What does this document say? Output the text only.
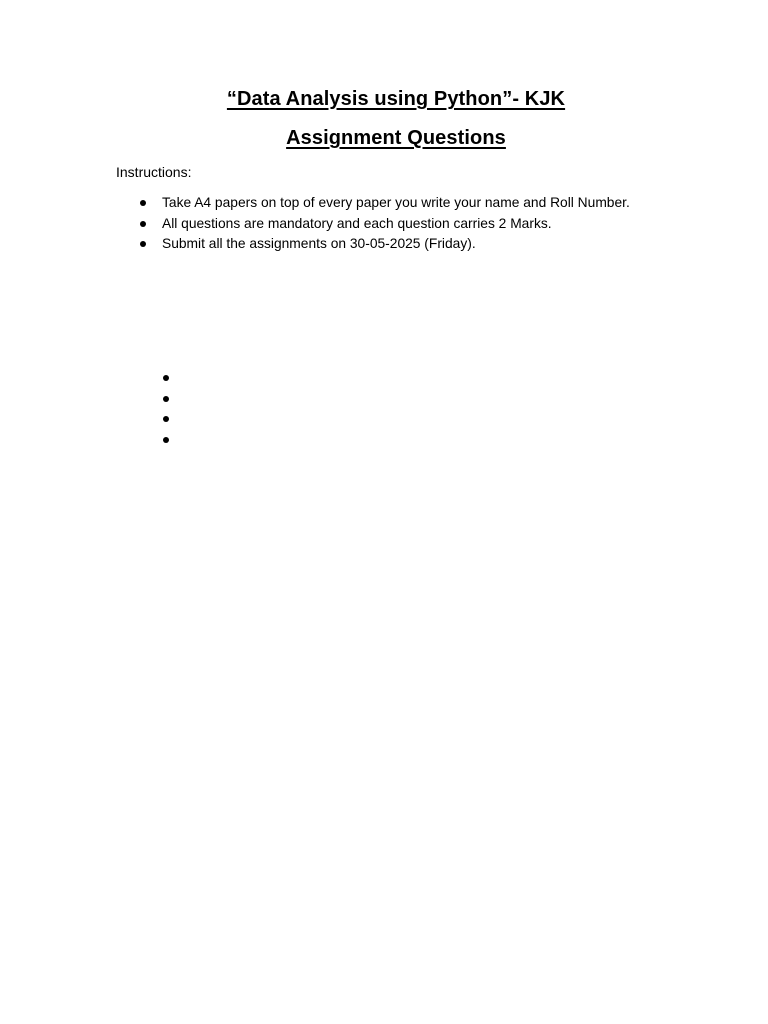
“Data Analysis using Python”- KJK
Assignment Questions
Instructions:
Take A4 papers on top of every paper you write your name and Roll Number.
All questions are mandatory and each question carries 2 Marks.
Submit all the assignments on 30-05-2025 (Friday).
